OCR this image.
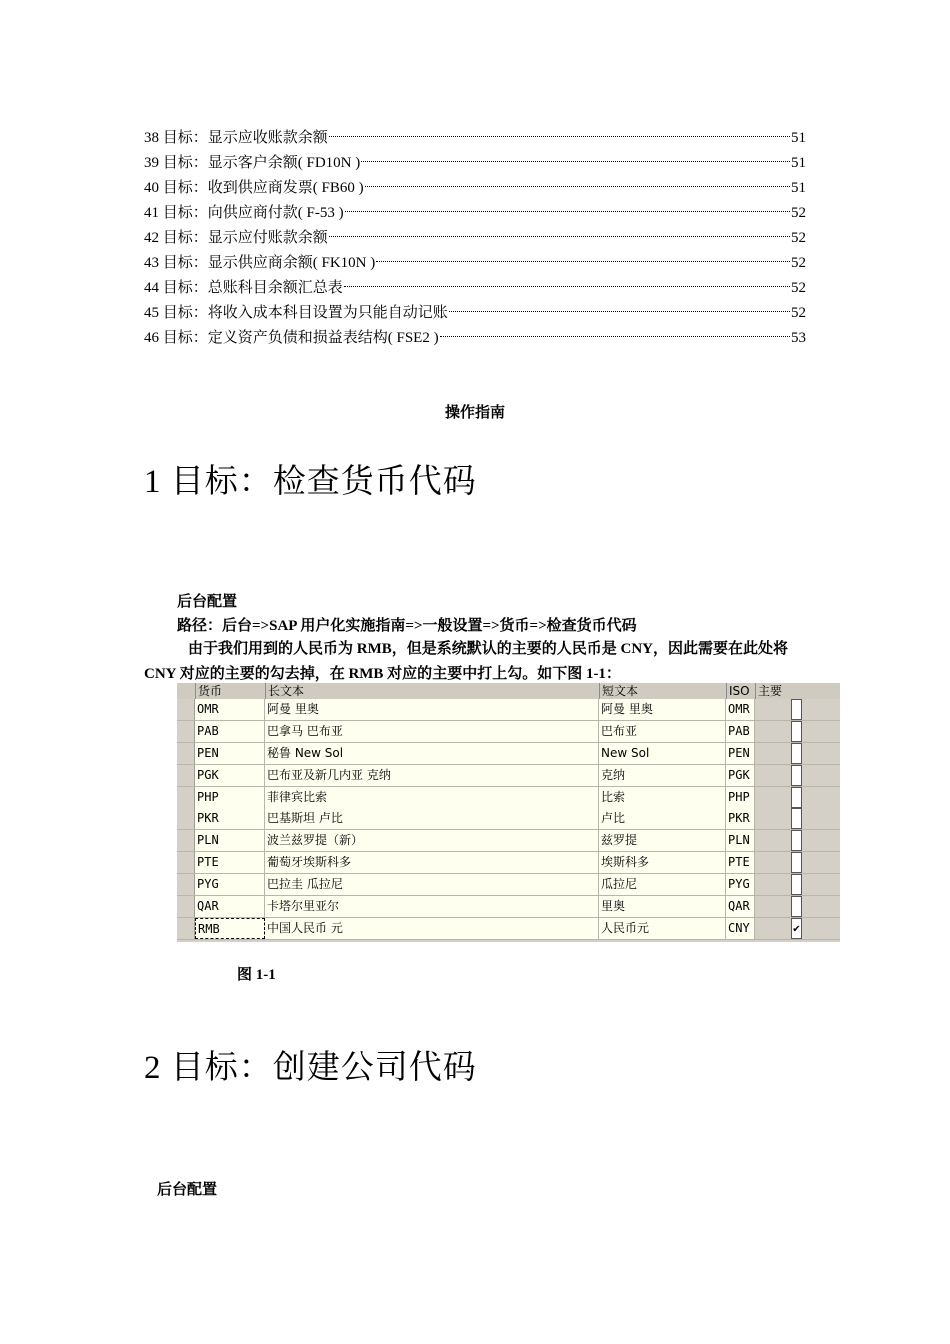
38 目标：显示应收账款余额	51
39 目标：显示客户余额( FD10N )	51
40 目标：收到供应商发票( FB60 )	51
41 目标：向供应商付款( F-53 )	52
42 目标：显示应付账款余额	52
43 目标：显示供应商余额( FK10N )	52
44 目标：总账科目余额汇总表	52
45 目标：将收入成本科目设置为只能自动记账	52
46 目标：定义资产负债和损益表结构( FSE2 )	53
操作指南
1 目标：检查货币代码
后台配置
路径：后台=>SAP 用户化实施指南=>一般设置=>货币=>检查货币代码
由于我们用到的人民币为 RMB，但是系统默认的主要的人民币是 CNY，因此需要在此处将 CNY 对应的主要的勾去掉，在 RMB 对应的主要中打上勾。如下图 1-1：
货币	长文本	短文本	ISO 主要
OMR	阿曼 里奥	阿曼 里奥	OMR
PAB	巴拿马 巴布亚	巴布亚	PAB
PEN	秘鲁 New Sol	New Sol	PEN
PGK	巴布亚及新几内亚 克纳	克纳	PGK
PHP	菲律宾比索	比索	PHP
PKR	巴基斯坦 卢比	卢比	PKR
PLN	波兰兹罗提（新）	兹罗提	PLN
PTE	葡萄牙埃斯科多	埃斯科多	PTE
PYG	巴拉圭 瓜拉尼	瓜拉尼	PYG
QAR	卡塔尔里亚尔	里奥	QAR
RMB	中国人民币 元	人民币元	CNY	✔
图 1-1
2 目标：创建公司代码
后台配置
